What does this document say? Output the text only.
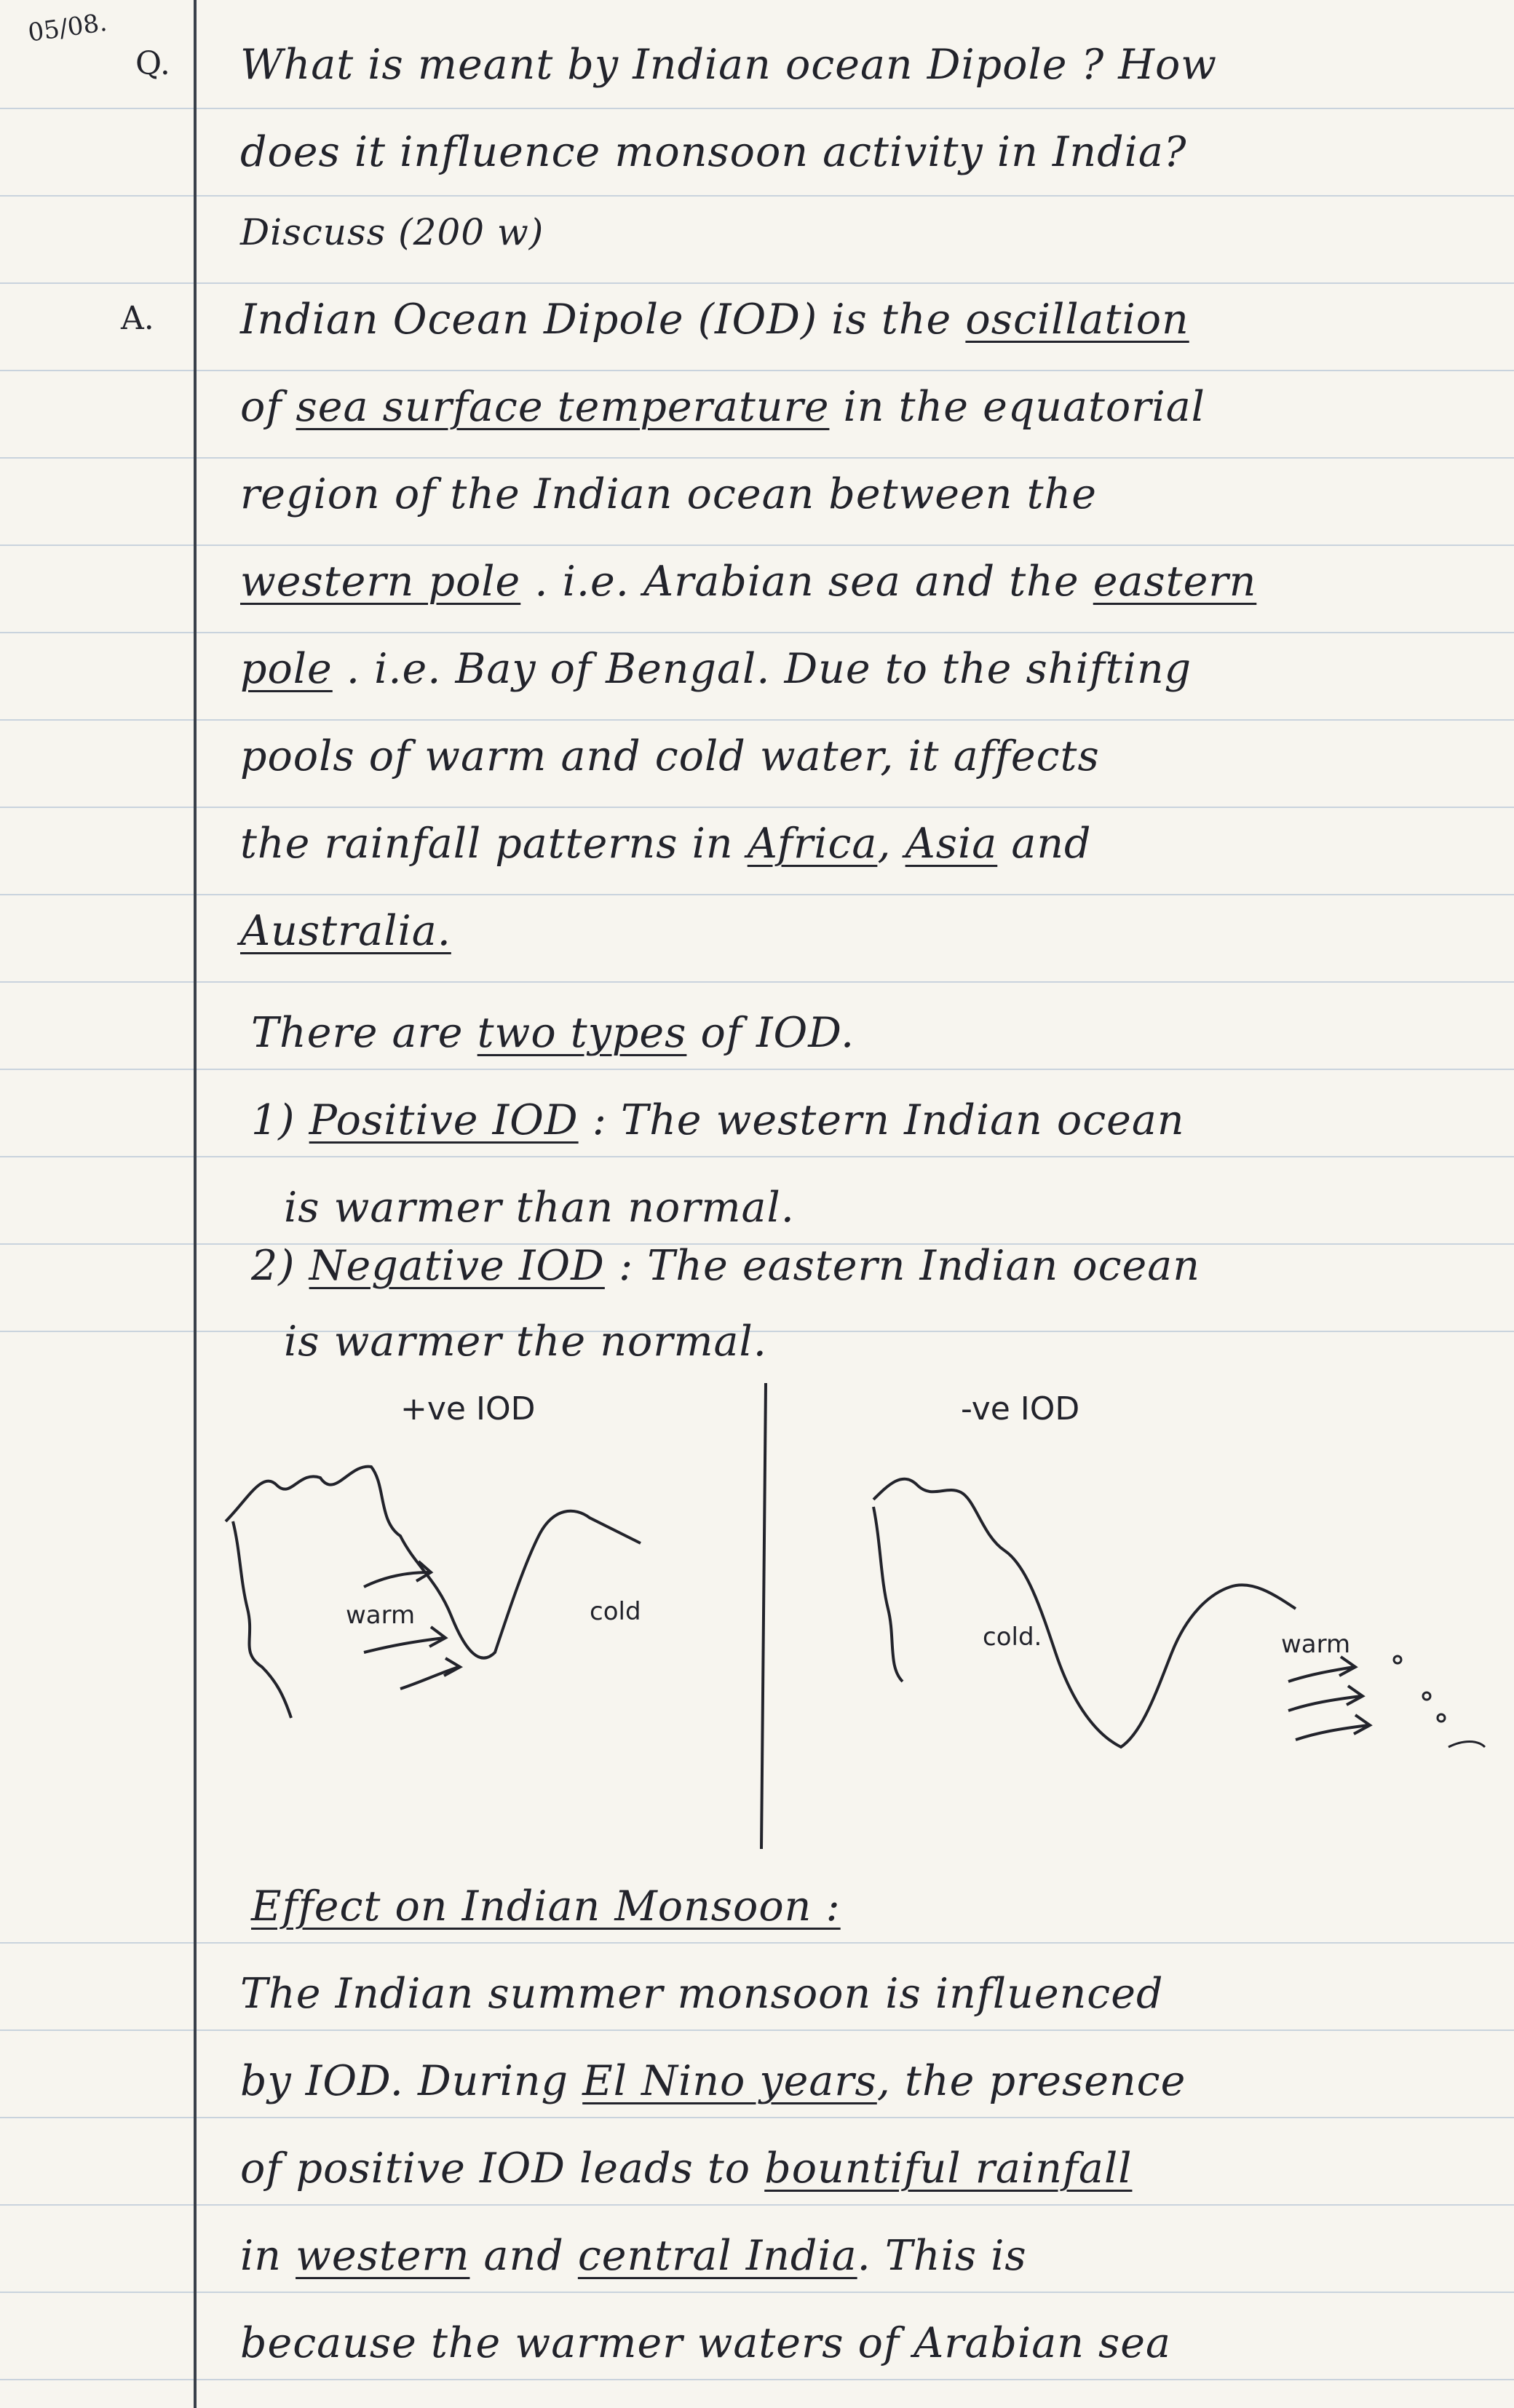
05/08.
Q.
A.
What is meant by Indian ocean Dipole ? How
does it influence monsoon activity in India?
Discuss (200 w)
Indian Ocean Dipole (IOD) is the oscillation
of sea surface temperature in the equatorial
region of the Indian ocean between the
western pole . i.e. Arabian sea and the eastern
pole . i.e. Bay of Bengal. Due to the shifting
pools of warm and cold water, it affects
the rainfall patterns in Africa, Asia and
Australia.
There are two types of IOD.
1) Positive IOD : The western Indian ocean
is warmer than normal.
2) Negative IOD : The eastern Indian ocean
is warmer the normal.
+ve IOD	-ve IOD
warm	cold
cold.	warm
Effect on Indian Monsoon :
The Indian summer monsoon is influenced
by IOD. During El Nino years, the presence
of positive IOD leads to bountiful rainfall
in western and central India. This is
because the warmer waters of Arabian sea
